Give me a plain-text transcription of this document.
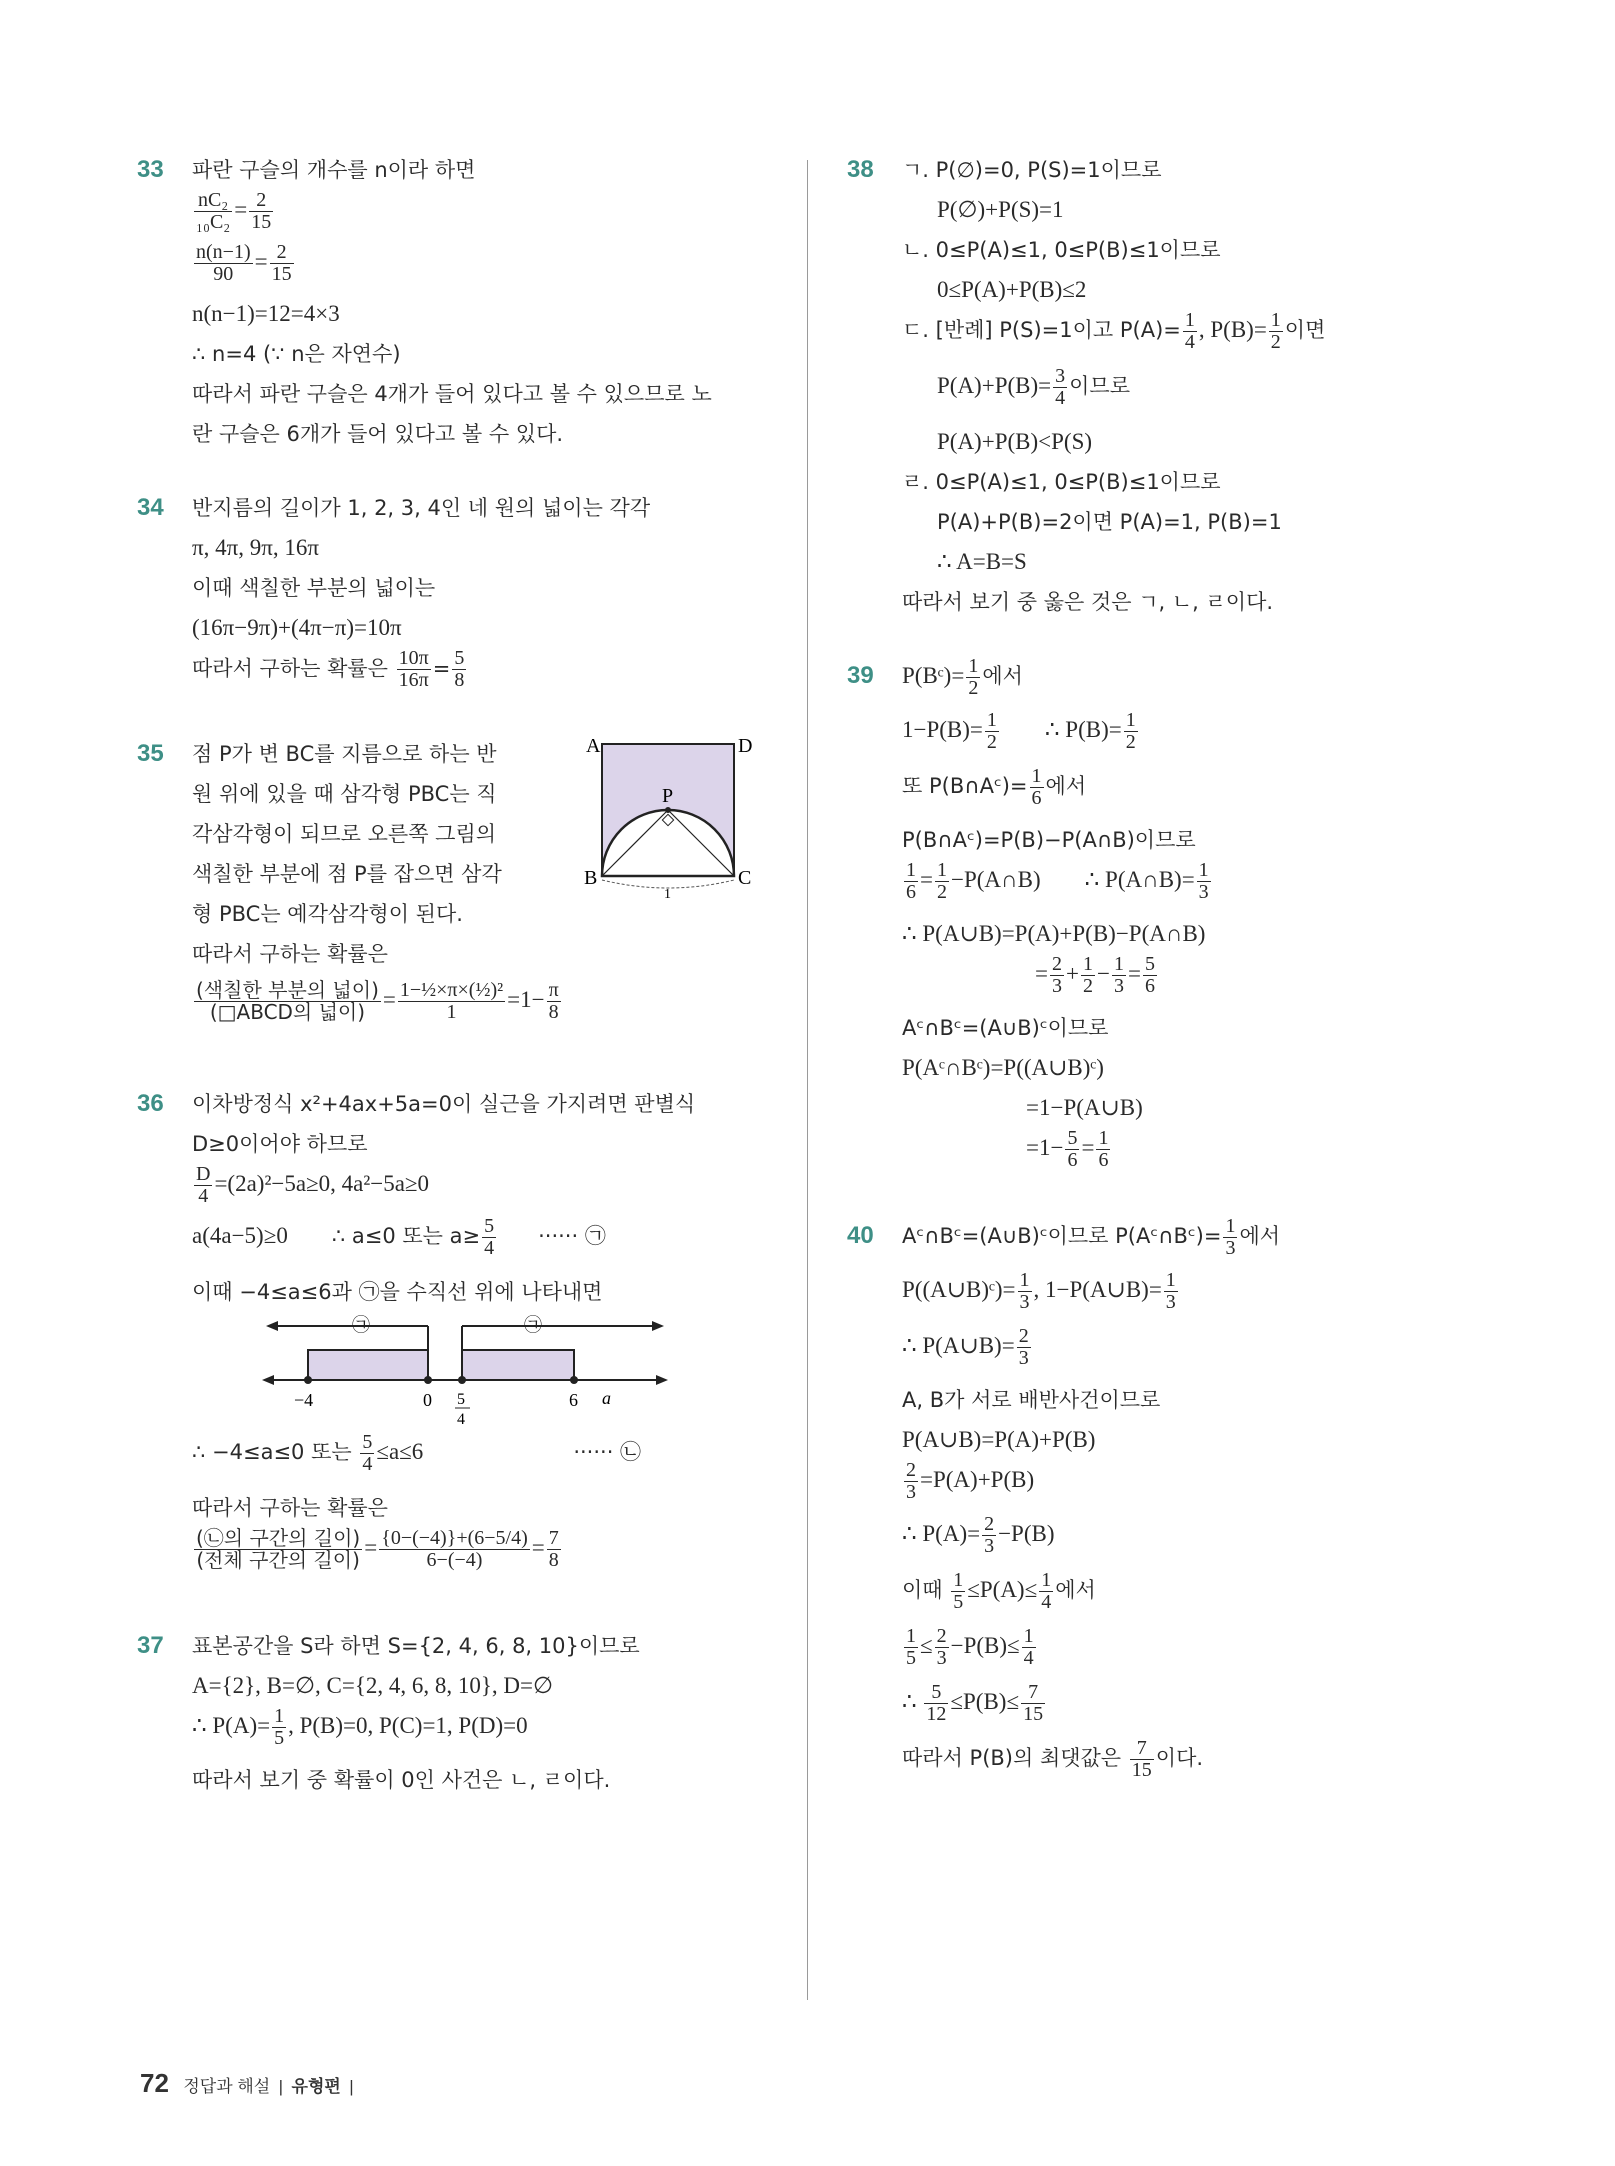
33	파란 구슬의 개수를 n이라 하면
$\frac{\text{nC₂}}{\text{₁₀C₂}} = \frac{2}{15}$
$\frac{n(n-1)}{90} = \frac{2}{15}$
n(n−1)=12=4×3
∴ n=4 (∵ n은 자연수)
따라서 파란 구슬은 4개가 들어 있다고 볼 수 있으므로 노
란 구슬은 6개가 들어 있다고 볼 수 있다.
34	반지름의 길이가 1, 2, 3, 4인 네 원의 넓이는 각각
π, 4π, 9π, 16π
이때 색칠한 부분의 넓이는
(16π−9π)+(4π−π)=10π
따라서 구하는 확률은 $\frac{10\pi}{16\pi} = \frac{5}{8}$
35	점 P가 변 BC를 지름으로 하는 반
원 위에 있을 때 삼각형 PBC는 직
각삼각형이 되므로 오른쪽 그림의
색칠한 부분에 점 P를 잡으면 삼각
형 PBC는 예각삼각형이 된다.
따라서 구하는 확률은
(색칠한 부분의 넓이)
(□ABCD의 넓이)
= $\frac{\text{1−½×π×(½)²}}{1} =1- \frac{\pi}{8}$
A	D
B	C
P
1
36	이차방정식 x²+4ax+5a=0이 실근을 가지려면 판별식
D≥0이어야 하므로
$\frac{D}{4} =(2a)^2-5a\ge 0$, 4a²−5a≥0
a(4a−5)≥0 ∴ a≤0 또는 $a\ge \frac{5}{4}$ ······ ㉠
이때 −4≤a≤6과 ㉠을 수직선 위에 나타내면
㉠	㉠
−4	0 5
4
6 a
∴ −4≤a≤0 또는 $\frac{5}{4} \le a\le 6$	······ ㉡
따라서 구하는 확률은
(㉡의 구간의 길이)
(전체 구간의 길이)
= $\frac{\{0-(-4)\}+(6-5/4)}{6-(-4)} = \frac{7}{8}$
37	표본공간을 S라 하면 S={2, 4, 6, 8, 10}이므로
A={2}, B=∅, C={2, 4, 6, 8, 10}, D=∅
∴ $P(A)= \frac{1}{5}$ , P(B)=0, P(C)=1, P(D)=0
따라서 보기 중 확률이 0인 사건은 ㄴ, ㄹ이다.
38	ㄱ. P(∅)=0, P(S)=1이므로
P(∅)+P(S)=1
ㄴ. 0≤P(A)≤1, 0≤P(B)≤1이므로
0≤P(A)+P(B)≤2
ㄷ. [반례] P(S)=1이고 $P(A)= \frac{1}{4}$ , $P(B)= \frac{1}{2}$ 이면
$P(A)+P(B)= \frac{3}{4}$ 이므로
P(A)+P(B)<P(S)
ㄹ. 0≤P(A)≤1, 0≤P(B)≤1이므로
P(A)+P(B)=2이면 P(A)=1, P(B)=1
∴ A=B=S
따라서 보기 중 옳은 것은 ㄱ, ㄴ, ㄹ이다.
39	P(Bᶜ)= $\frac{1}{2}$ 에서
$1-P(B)= \frac{1}{2}$ ∴ $P(B)= \frac{1}{2}$
또 P(B∩Aᶜ)= $\frac{1}{6}$ 에서
P(B∩Aᶜ)=P(B)−P(A∩B)이므로
$\frac{1}{6} = \frac{1}{2}$ −P(A∩B) ∴ P(A∩B)= $\frac{1}{3}$
∴ P(A∪B)=P(A)+P(B)−P(A∩B)
= $\frac{2}{3} + \frac{1}{2} - \frac{1}{3} = \frac{5}{6}$
Aᶜ∩Bᶜ=(A∪B)ᶜ이므로
P(Aᶜ∩Bᶜ)=P((A∪B)ᶜ)
=1−P(A∪B)
$=1- \frac{5}{6} = \frac{1}{6}$
40	Aᶜ∩Bᶜ=(A∪B)ᶜ이므로 P(Aᶜ∩Bᶜ)= $\frac{1}{3}$ 에서
P((A∪B)ᶜ)= $\frac{1}{3}$ , 1−P(A∪B)= $\frac{1}{3}$
∴ P(A∪B)= $\frac{2}{3}$
A, B가 서로 배반사건이므로
P(A∪B)=P(A)+P(B)
$\frac{2}{3} =P(A)+P(B)$
∴ $P(A)= \frac{2}{3} -P(B)$
이때 $\frac{1}{5} \le P(A)\le \frac{1}{4}$ 에서
$\frac{1}{5} \le \frac{2}{3} -P(B)\le \frac{1}{4}$
∴ $\frac{5}{12} \le P(B)\le \frac{7}{15}$
따라서 P(B)의 최댓값은 $\frac{7}{15}$ 이다.
72 정답과 해설 | 유형편 |
